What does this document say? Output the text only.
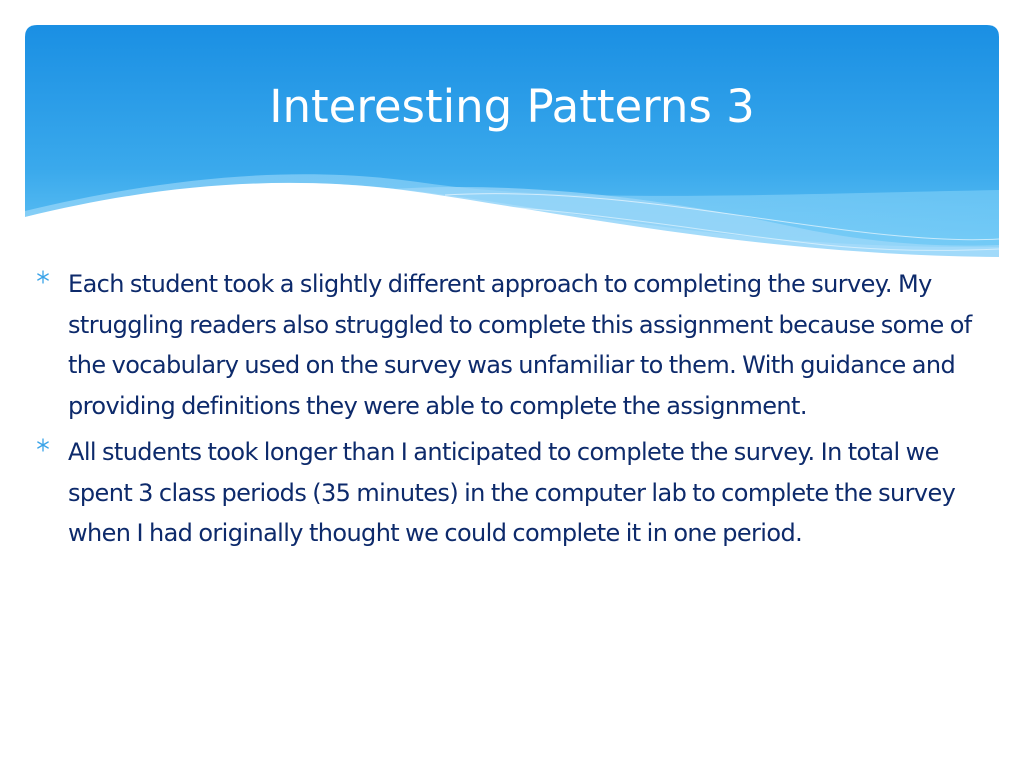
Interesting Patterns 3
Each student took a slightly different approach to completing the survey. My struggling readers also struggled to complete this assignment because some of the vocabulary used on the survey was unfamiliar to them. With guidance and providing definitions they were able to complete the assignment.
All students took longer than I anticipated to complete the survey. In total we spent 3 class periods (35 minutes) in the computer lab to complete the survey when I had originally thought we could complete it in one period.
